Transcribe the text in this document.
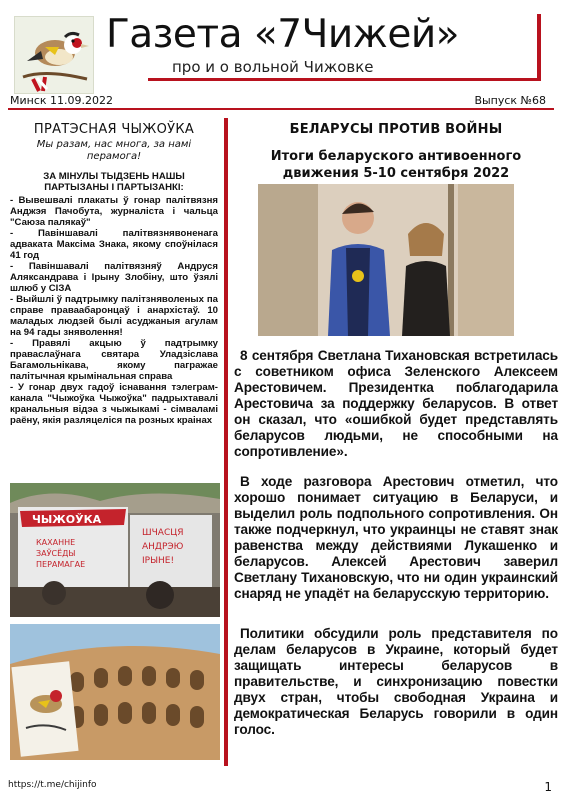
Газета «7Чижей»
про и о вольной Чижовке
Минск 11.09.2022	Выпуск №68
ПРАТЭСНАЯ ЧЫЖОЎКА
Мы разам, нас многа, за намі перамога!
ЗА МІНУЛЫ ТЫДЗЕНЬ НАШЫ ПАРТЫЗАНЫ І ПАРТЫЗАНКІ:

- Вывешвалі плакаты ў гонар палітвязня Анджэя Пачобута, журналіста і чальца "Саюза палякаў"

- Павіншавалі палітвязнявоненага адваката Максіма Знака, якому споўнілася 41 год

- Павіншавалі палітвязняў Андруся Аляксандрава і Ірыну Злобіну, што ўзялі шлюб у СІЗА

- Выйшлі ў падтрымку палітзняволеных па справе праваабаронцаў і анархістаў. 10 маладых людзей былі асуджаныя агулам на 94 гады зняволення!

- Правялі акцыю ў падтрымку праваслаўнага святара Уладзіслава Багамольнікава, якому пагражае палітычная крымінальная справа

- У гонар двух гадоў існавання тэлеграм-канала "Чыжоўка Чыжоўка" падрыхтавалі кранальныя відэа з чыжыкамі - сімваламі раёну, якія разляцеліся па розных краінах

ЧЫЖОЎКА
КАХАННЕ
ЗАЎСЁДЫ
ПЕРАМАГАЕ
ШЧАСЦЯ
АНДРЭЮ
ІРЫНЕ!
БЕЛАРУСЫ ПРОТИВ ВОЙНЫ
Итоги беларуского антивоенного движения 5-10 сентября 2022

8 сентября Светлана Тихановская встретилась с советником офиса Зеленского Алексеем Арестовичем. Президентка поблагодарила Арестовича за поддержку беларусов. В ответ он сказал, что «ошибкой будет представлять беларусов людьми, не способными на сопротивление».

В ходе разговора Арестович отметил, что хорошо понимает ситуацию в Беларуси, и выделил роль подпольного сопротивления. Он также подчеркнул, что украинцы не ставят знак равенства между действиями Лукашенко и беларусов. Алексей Арестович заверил Светлану Тихановскую, что ни один украинский снаряд не упадёт на беларусскую территорию.

Политики обсудили роль представителя по делам беларусов в Украине, который будет защищать интересы беларусов в правительстве, и синхронизацию повестки двух стран, чтобы свободная Украина и демократическая Беларусь говорили в один голос.

https://t.me/chijinfo	1
